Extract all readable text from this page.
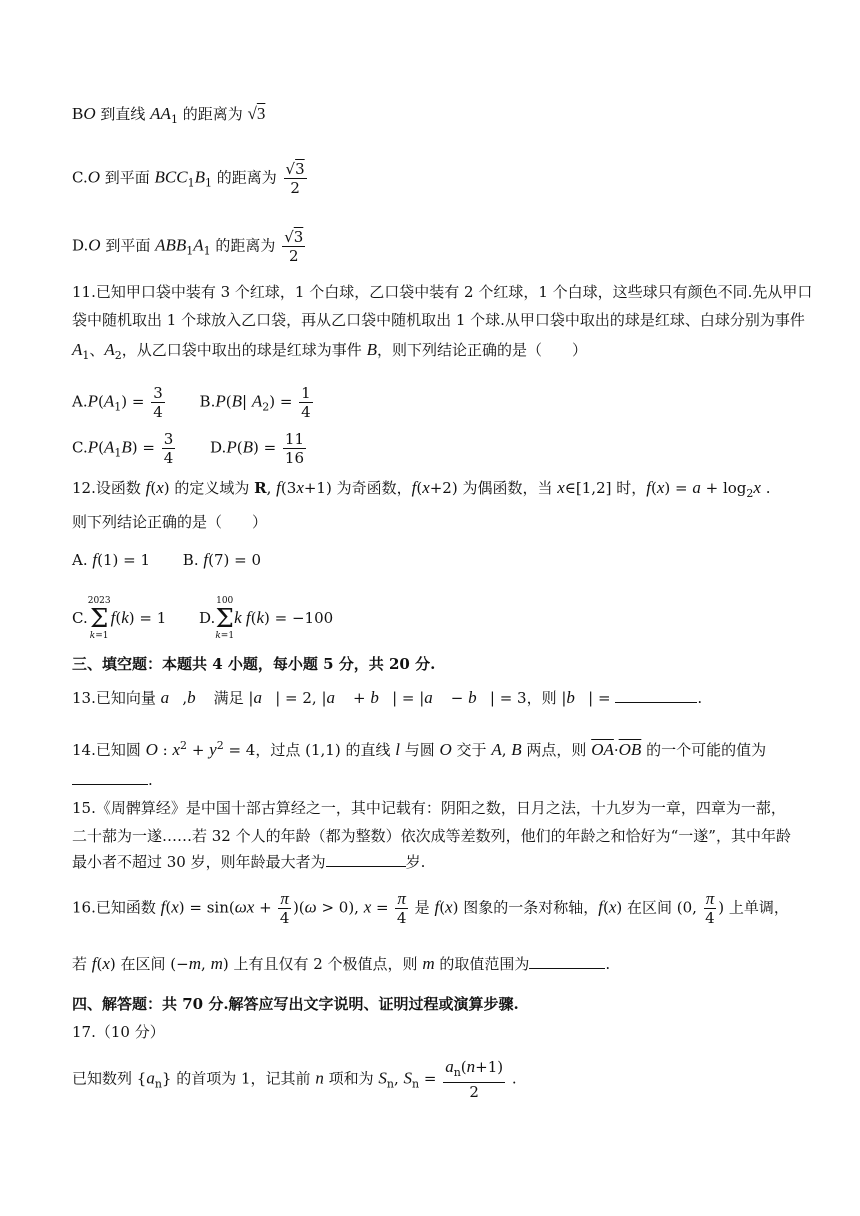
BO 到直线 $AA_1$ 的距离为 √3
C.O 到平面 $BCC_1B_1$ 的距离为 $\frac{√3}{2}$
D.O 到平面 $ABB_1A_1$ 的距离为 $\frac{√3}{2}$
11.已知甲口袋中装有 3 个红球，1 个白球，乙口袋中装有 2 个红球，1 个白球，这些球只有颜色不同.先从甲口
袋中随机取出 1 个球放入乙口袋，再从乙口袋中随机取出 1 个球.从甲口袋中取出的球是红球、白球分别为事件
$A_1$、$A_2$，从乙口袋中取出的球是红球为事件 B，则下列结论正确的是（　　）
$A.P(A_1) = \frac{3}{4} B.P(B|$ $A_2) = \frac{1}{4}$
$C.P(A_1B) = \frac{3}{4} D.P(B) = \frac{11}{16}$
12.设函数 f(x) 的定义域为 R, f(3x+1) 为奇函数，f(x+2) 为偶函数，当 x∈[1,2] 时，$f(x) = a + \log_2x$ .
则下列结论正确的是（　　）
A. f(1) = 1 B. f(7) = 0
C.
2023
Σ
k=1
f(k) = 1 D.
100
Σ
k=1
k f(k) = −100
三、填空题：本题共 4 小题，每小题 5 分，共 20 分.
13.已知向量 a⃗,b⃗ 满足 |a⃗| = 2, |a⃗ + b⃗| = |a⃗ − b⃗| = 3，则 |b⃗| =	.
14.已知圆 O : $x^2 + y^2 = 4$，过点 (1,1) 的直线 l 与圆 O 交于 A, B 两点，则 $\overline{OA}\cdot\overline{OB}$ 的一个可能的值为
.
15.《周髀算经》是中国十部古算经之一，其中记载有：阴阳之数，日月之法，十九岁为一章，四章为一蔀，
二十蔀为一遂……若 32 个人的年龄（都为整数）依次成等差数列，他们的年龄之和恰好为“一遂”，其中年龄
最小者不超过 30 岁，则年龄最大者为	岁.
16.已知函数 $f(x) = \sin(\omega x + \frac{\pi}{4} )(\omega > 0)$, $x = \frac{\pi}{4}$ 是 f(x) 图象的一条对称轴，f(x) 在区间 (0, $\frac{\pi}{4}$ ) 上单调，
若 f(x) 在区间 (−m, m) 上有且仅有 2 个极值点，则 m 的取值范围为	.
四、解答题：共 70 分.解答应写出文字说明、证明过程或演算步骤.
17.（10 分）
已知数列 $\{a_n\}$ 的首项为 1，记其前 n 项和为 $S_n$, $S_n = \frac{a_n(n+1)}{2}$ .
